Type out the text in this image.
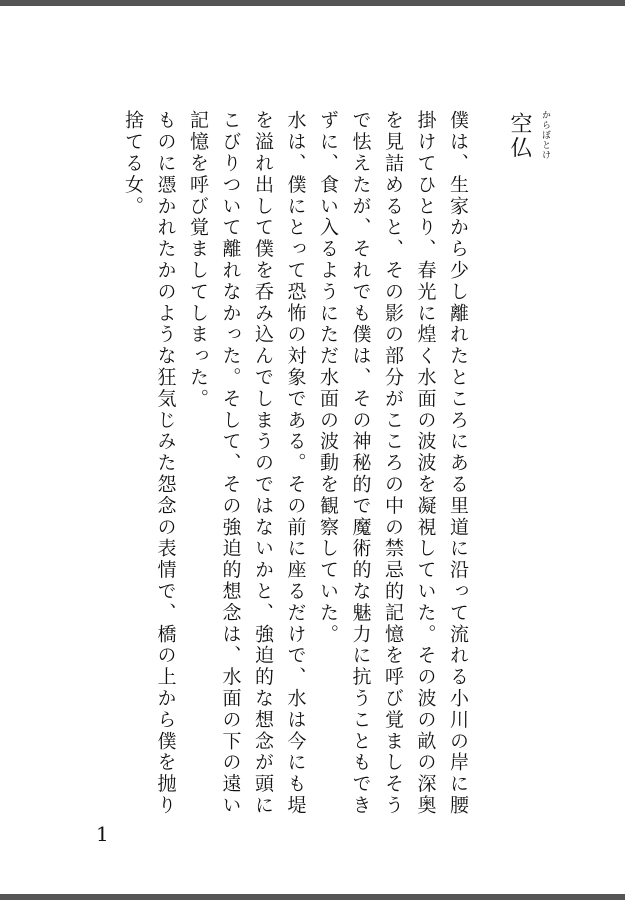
からぼとけ
空仏

僕は、生家から少し離れたところにある里道に沿って流れる小川の岸に腰掛けてひとり、春光に煌く水面の波波を凝視していた。その波の畝の深奥を見詰めると、その影の部分がこころの中の禁忌的記憶を呼び覚ましそうで怯えたが、それでも僕は、その神秘的で魔術的な魅力に抗うこともできずに、食い入るようにただ水面の波動を観察していた。

水は、僕にとって恐怖の対象である。その前に座るだけで、水は今にも堤を溢れ出して僕を呑み込んでしまうのではないかと、強迫的な想念が頭にこびりついて離れなかった。そして、その強迫的想念は、水面の下の遠い記憶を呼び覚ましてしまった。

ものに憑かれたかのような狂気じみた怨念の表情で、橋の上から僕を抛り捨てる女。

1
